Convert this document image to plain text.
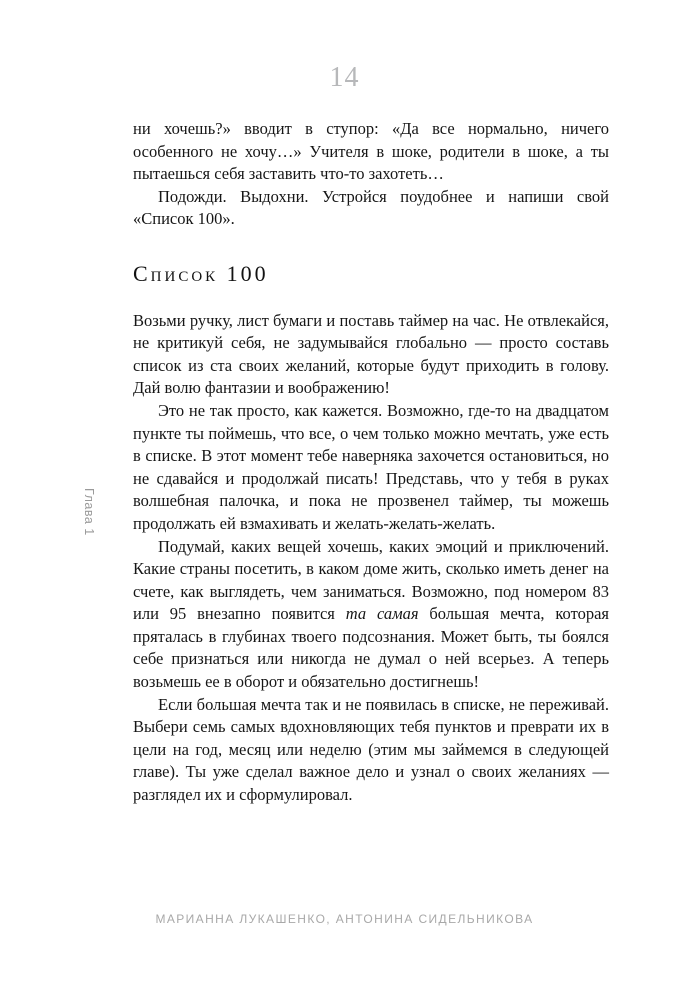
14
Глава 1

ни хочешь?» вводит в ступор: «Да все нормально, ничего особенного не хочу…» Учителя в шоке, родители в шоке, а ты пытаешься себя заставить что-то захотеть…

Подожди. Выдохни. Устройся поудобнее и напиши свой «Список 100».

Список 100

Возьми ручку, лист бумаги и поставь таймер на час. Не отвлекайся, не критикуй себя, не задумывайся глобально — просто составь список из ста своих желаний, которые будут приходить в голову. Дай волю фантазии и воображению!

Это не так просто, как кажется. Возможно, где-то на двадцатом пункте ты поймешь, что все, о чем только можно мечтать, уже есть в списке. В этот момент тебе наверняка захочется остановиться, но не сдавайся и продолжай писать! Представь, что у тебя в руках волшебная палочка, и пока не прозвенел таймер, ты можешь продолжать ей взмахивать и желать-желать-желать.

Подумай, каких вещей хочешь, каких эмоций и приключений. Какие страны посетить, в каком доме жить, сколько иметь денег на счете, как выглядеть, чем заниматься. Возможно, под номером 83 или 95 внезапно появится та самая большая мечта, которая пряталась в глубинах твоего подсознания. Может быть, ты боялся себе признаться или никогда не думал о ней всерьез. А теперь возьмешь ее в оборот и обязательно достигнешь!

Если большая мечта так и не появилась в списке, не переживай. Выбери семь самых вдохновляющих тебя пунктов и преврати их в цели на год, месяц или неделю (этим мы займемся в следующей главе). Ты уже сделал важное дело и узнал о своих желаниях — разглядел их и сформулировал.

МАРИАННА ЛУКАШЕНКО, АНТОНИНА СИДЕЛЬНИКОВА
